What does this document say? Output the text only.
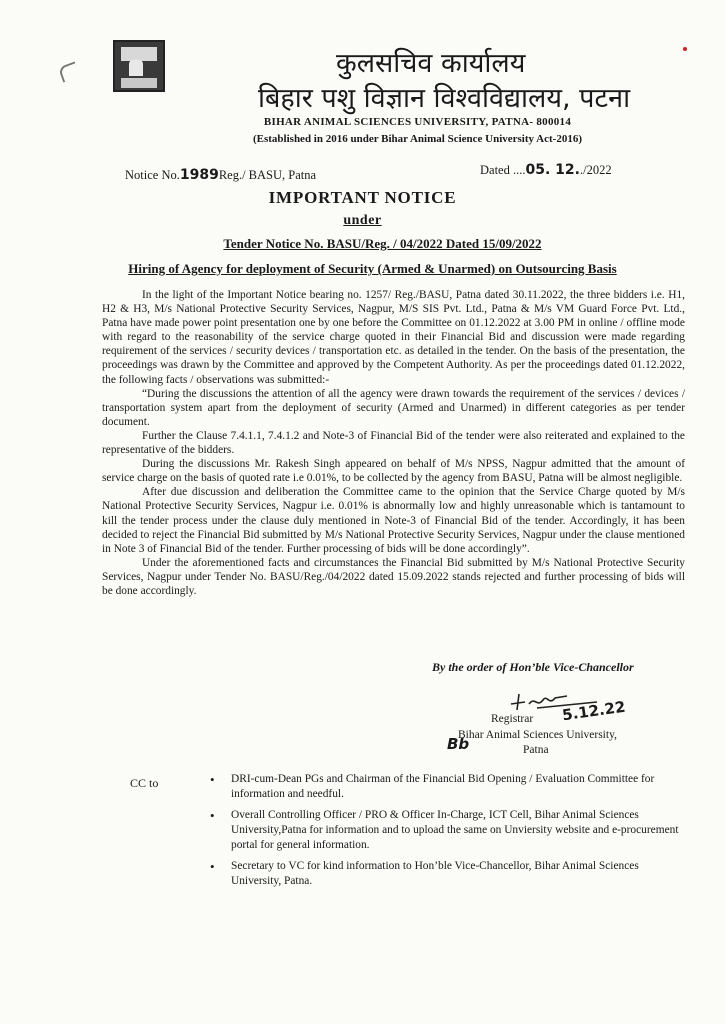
कुलसचिव कार्यालय
बिहार पशु विज्ञान विश्वविद्यालय, पटना
BIHAR ANIMAL SCIENCES UNIVERSITY, PATNA- 800014
(Established in 2016 under Bihar Animal Science University Act-2016)
Notice No.1989Reg./ BASU, Patna	Dated ....05. 12../2022
IMPORTANT NOTICE
under
Tender Notice No. BASU/Reg. / 04/2022 Dated 15/09/2022
Hiring of Agency for deployment of Security (Armed & Unarmed) on Outsourcing Basis

In the light of the Important Notice bearing no. 1257/ Reg./BASU, Patna dated 30.11.2022, the three bidders i.e. H1, H2 & H3, M/s National Protective Security Services, Nagpur, M/S SIS Pvt. Ltd., Patna & M/s VM Guard Force Pvt. Ltd., Patna have made power point presentation one by one before the Committee on 01.12.2022 at 3.00 PM in online / offline mode with regard to the reasonability of the service charge quoted in their Financial Bid and discussion were made regarding requirement of the services / security devices / transportation etc. as detailed in the tender. On the basis of the presentation, the proceedings was drawn by the Committee and approved by the Competent Authority. As per the proceedings dated 01.12.2022, the following facts / observations was submitted:-

“During the discussions the attention of all the agency were drawn towards the requirement of the services / devices / transportation system apart from the deployment of security (Armed and Unarmed) in different categories as per tender document.

Further the Clause 7.4.1.1, 7.4.1.2 and Note-3 of Financial Bid of the tender were also reiterated and explained to the representative of the bidders.

During the discussions Mr. Rakesh Singh appeared on behalf of M/s NPSS, Nagpur admitted that the amount of service charge on the basis of quoted rate i.e 0.01%, to be collected by the agency from BASU, Patna will be almost negligible.

After due discussion and deliberation the Committee came to the opinion that the Service Charge quoted by M/s National Protective Security Services, Nagpur i.e. 0.01% is abnormally low and highly unreasonable which is tantamount to kill the tender process under the clause duly mentioned in Note-3 of Financial Bid of the tender. Accordingly, it has been decided to reject the Financial Bid submitted by M/s National Protective Security Services, Nagpur under the clause mentioned in Note 3 of Financial Bid of the tender. Further processing of bids will be done accordingly”.

Under the aforementioned facts and circumstances the Financial Bid submitted by M/s National Protective Security Services, Nagpur under Tender No. BASU/Reg./04/2022 dated 15.09.2022 stands rejected and further processing of bids will be done accordingly.

By the order of Hon’ble Vice-Chancellor
Registrar 5.12.22
Bb
Bihar Animal Sciences University,
Patna
CC to
•	DRI-cum-Dean PGs and Chairman of the Financial Bid Opening / Evaluation Committee for information and needful.
• Overall Controlling Officer / PRO & Officer In-Charge, ICT Cell, Bihar Animal Sciences University,Patna for information and to upload the same on Unviersity website and e-procurement portal for general information.
• Secretary to VC for kind information to Hon’ble Vice-Chancellor, Bihar Animal Sciences University, Patna.
